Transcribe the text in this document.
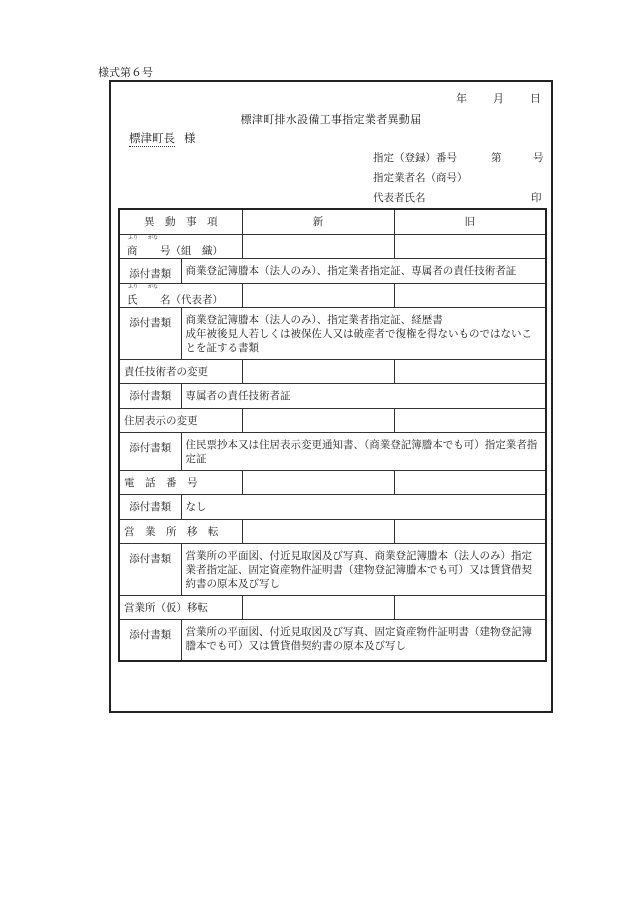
様式第６号
年 月 日
標津町排水設備工事指定業者異動届
標津町長 様
指定（登録）番号	第	号
指定業者名（商号）
代表者氏名	印
異　動　事　項		新	旧

ふり がな
商 号（組　織）			

添付書類	商業登記簿謄本（法人のみ）、指定業者指定証、専属者の責任技術者証		

ふり がな
氏 名（代表者）			

添付書類	商業登記簿謄本（法人のみ）、指定業者指定証、経歴書
成年被後見人若しくは被保佐人又は破産者で復権を得ないものではないことを証する書類		
責任技術者の変更			
添付書類	専属者の責任技術者証		
住居表示の変更			
添付書類	住民票抄本又は住居表示変更通知書、（商業登記簿謄本でも可）指定業者指定証		
電　話　番　号			
添付書類	なし		
営　業　所　移　転			
添付書類	営業所の平面図、付近見取図及び写真、商業登記簿謄本（法人のみ）指定業者指定証、固定資産物件証明書（建物登記簿謄本でも可）又は賃貸借契約書の原本及び写し		
営業所（仮）移転			
添付書類	営業所の平面図、付近見取図及び写真、固定資産物件証明書（建物登記簿謄本でも可）又は賃貸借契約書の原本及び写し		
